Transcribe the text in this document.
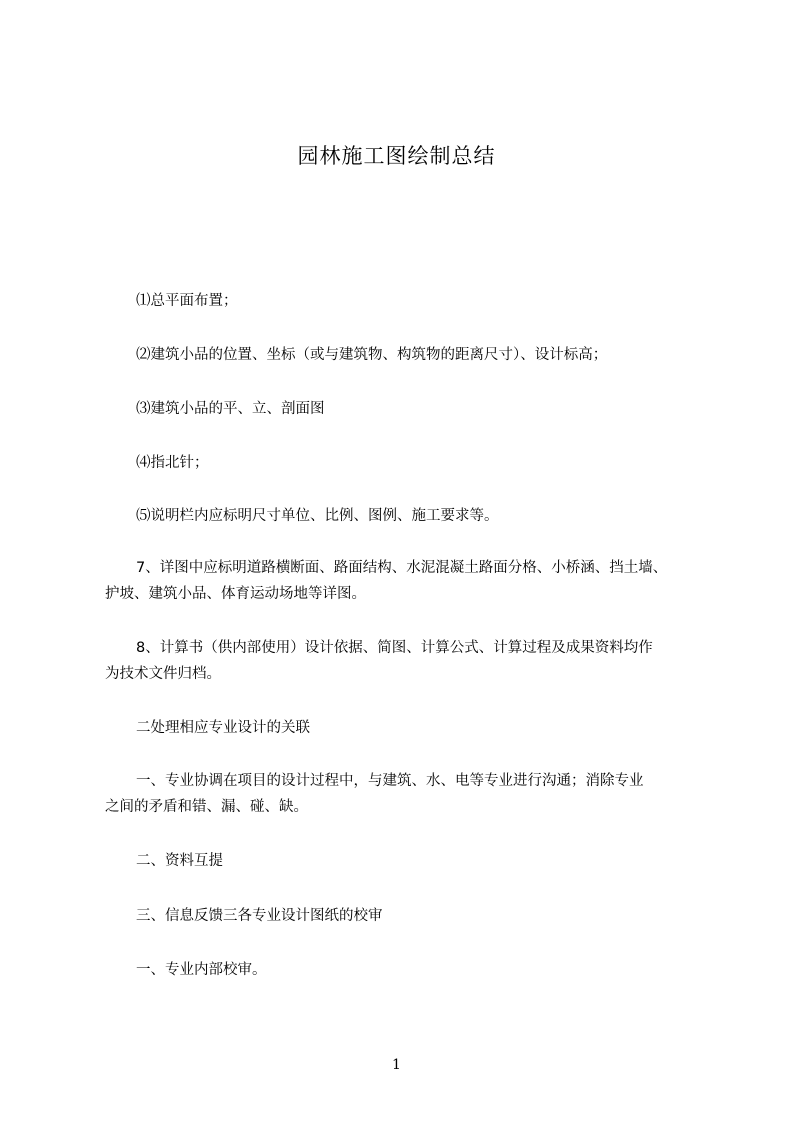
园林施工图绘制总结
⑴总平面布置；
⑵建筑小品的位置、坐标（或与建筑物、构筑物的距离尺寸）、设计标高；
⑶建筑小品的平、立、剖面图
⑷指北针；
⑸说明栏内应标明尺寸单位、比例、图例、施工要求等。
7、详图中应标明道路横断面、路面结构、水泥混凝土路面分格、小桥涵、挡土墙、
护坡、建筑小品、体育运动场地等详图。
8、计算书（供内部使用）设计依据、简图、计算公式、计算过程及成果资料均作
为技术文件归档。
二处理相应专业设计的关联
一、专业协调在项目的设计过程中，与建筑、水、电等专业进行沟通；消除专业
之间的矛盾和错、漏、碰、缺。
二、资料互提
三、信息反馈三各专业设计图纸的校审
一、专业内部校审。
1
